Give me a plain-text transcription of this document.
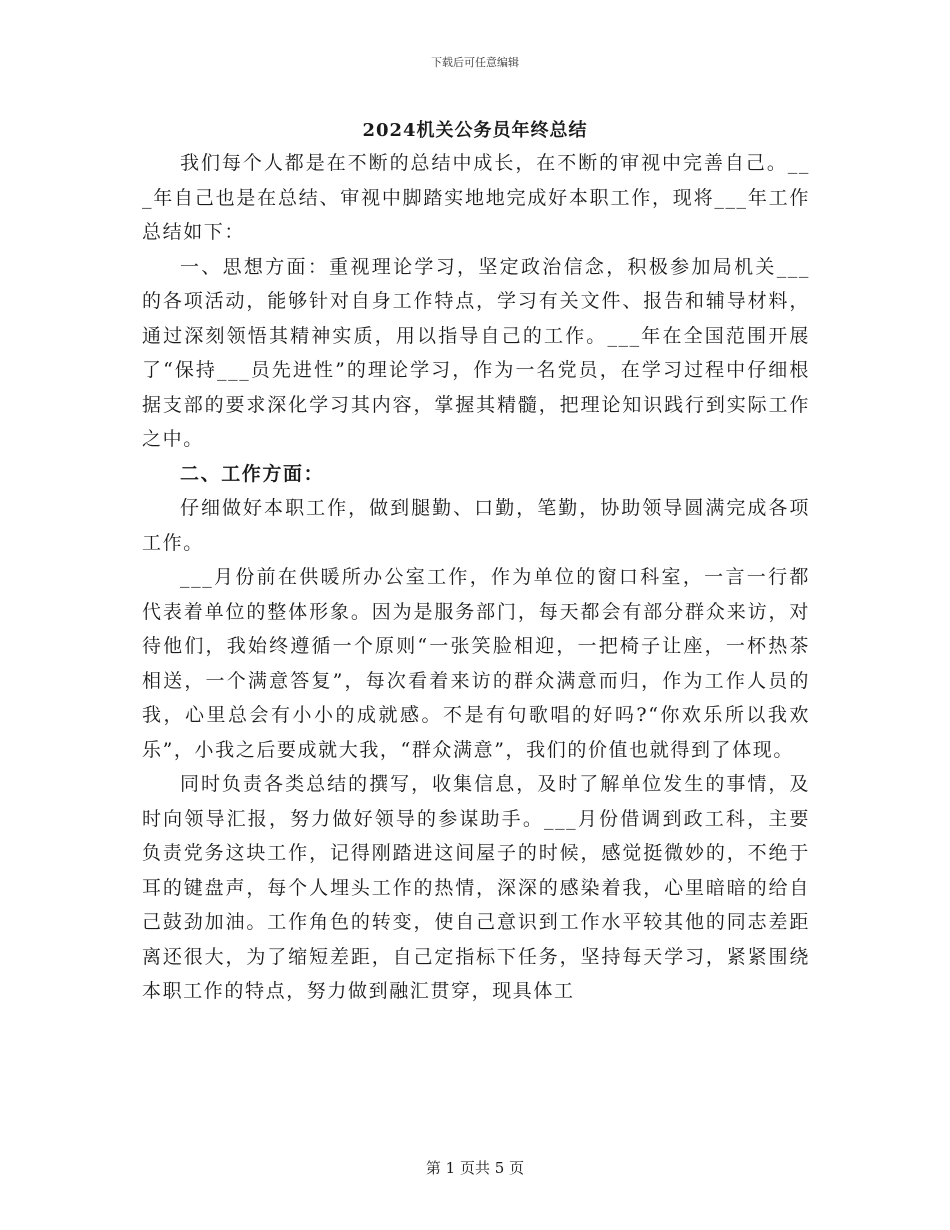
下载后可任意编辑
2024机关公务员年终总结

我们每个人都是在不断的总结中成长，在不断的审视中完善自己。___年自己也是在总结、审视中脚踏实地地完成好本职工作，现将___年工作总结如下：

一、思想方面：重视理论学习，坚定政治信念，积极参加局机关___的各项活动，能够针对自身工作特点，学习有关文件、报告和辅导材料，通过深刻领悟其精神实质，用以指导自己的工作。___年在全国范围开展了“保持___员先进性”的理论学习，作为一名党员，在学习过程中仔细根据支部的要求深化学习其内容，掌握其精髓，把理论知识践行到实际工作之中。

二、工作方面：

仔细做好本职工作，做到腿勤、口勤，笔勤，协助领导圆满完成各项工作。

___月份前在供暖所办公室工作，作为单位的窗口科室，一言一行都代表着单位的整体形象。因为是服务部门，每天都会有部分群众来访，对待他们，我始终遵循一个原则“一张笑脸相迎，一把椅子让座，一杯热茶相送，一个满意答复”，每次看着来访的群众满意而归，作为工作人员的我，心里总会有小小的成就感。不是有句歌唱的好吗?“你欢乐所以我欢乐”，小我之后要成就大我，“群众满意”，我们的价值也就得到了体现。

同时负责各类总结的撰写，收集信息，及时了解单位发生的事情，及时向领导汇报，努力做好领导的参谋助手。___月份借调到政工科，主要负责党务这块工作，记得刚踏进这间屋子的时候，感觉挺微妙的，不绝于耳的键盘声，每个人埋头工作的热情，深深的感染着我，心里暗暗的给自己鼓劲加油。工作角色的转变，使自己意识到工作水平较其他的同志差距离还很大，为了缩短差距，自己定指标下任务，坚持每天学习，紧紧围绕本职工作的特点，努力做到融汇贯穿，现具体工

第 1 页共 5 页
